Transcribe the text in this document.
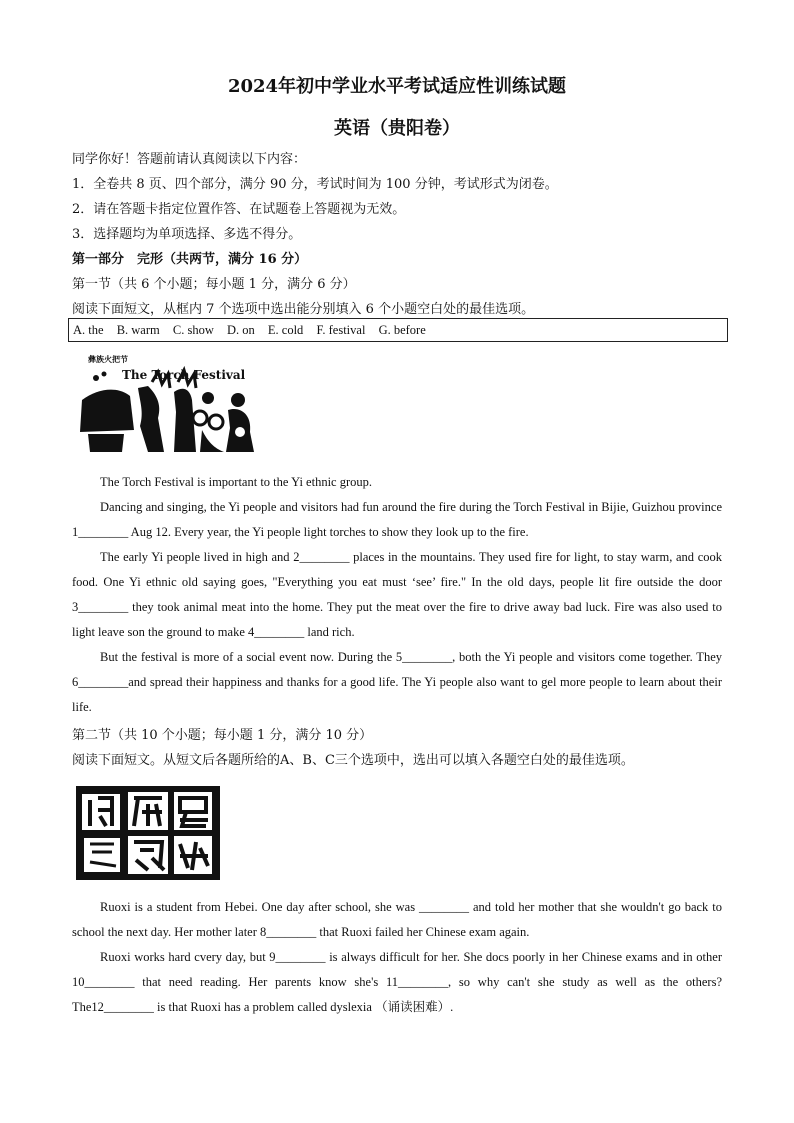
2024年初中学业水平考试适应性训练试题
英语（贵阳卷）
同学你好！答题前请认真阅读以下内容：
1．全卷共 8 页、四个部分，满分 90 分，考试时间为 100 分钟，考试形式为闭卷。
2．请在答题卡指定位置作答、在试题卷上答题视为无效。
3．选择题均为单项选择、多选不得分。
第一部分　完形（共两节，满分 16 分）
第一节（共 6 个小题；每小题 1 分，满分 6 分）
阅读下面短文，从框内 7 个选项中选出能分别填入 6 个小题空白处的最佳选项。
A. the B. warm C. show D. on E. cold F. festival G. before
彝族火把节
The Torch Festival
The Torch Festival is important to the Yi ethnic group.
Dancing and singing, the Yi people and visitors had fun around the fire during the Torch Festival in Bijie, Guizhou province 1________ Aug 12. Every year, the Yi people light torches to show they look up to the fire.
The early Yi people lived in high and 2________ places in the mountains. They used fire for light, to stay warm, and cook food. One Yi ethnic old saying goes, "Everything you eat must ‘see’ fire." In the old days, people lit fire outside the door 3________ they took animal meat into the home. They put the meat over the fire to drive away bad luck. Fire was also used to light leave son the ground to make 4________ land rich.
But the festival is more of a social event now. During the 5________, both the Yi people and visitors come together. They 6________and spread their happiness and thanks for a good life. The Yi people also want to gel more people to learn about their life.
第二节（共 10 个小题；每小题 1 分，满分 10 分）
阅读下面短文。从短文后各题所给的A、B、C三个选项中，选出可以填入各题空白处的最佳选项。
Ruoxi is a student from Hebei. One day after school, she was ________ and told her mother that she wouldn't go back to school the next day. Her mother later 8________ that Ruoxi failed her Chinese exam again.
Ruoxi works hard cvery day, but 9________ is always difficult for her. She docs poorly in her Chinese exams and in other 10________ that need reading. Her parents know she's 11________, so why can't she study as well as the others? The12________ is that Ruoxi has a problem called dyslexia （诵读困难）.
